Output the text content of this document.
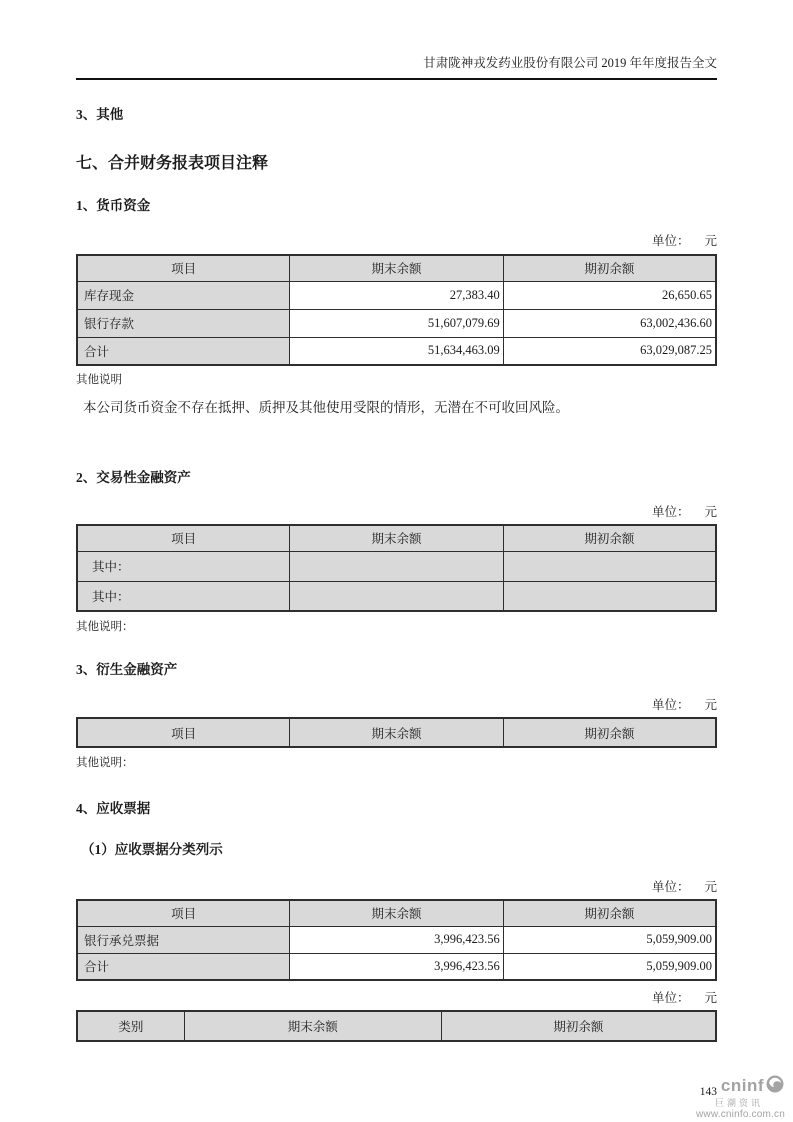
甘肃陇神戎发药业股份有限公司 2019 年年度报告全文
3、其他
七、合并财务报表项目注释
1、货币资金
单位： 元
项目	期末余额	期初余额
库存现金	27,383.40	26,650.65
银行存款	51,607,079.69	63,002,436.60
合计	51,634,463.09	63,029,087.25
其他说明
本公司货币资金不存在抵押、质押及其他使用受限的情形，无潜在不可收回风险。
2、交易性金融资产
单位： 元
项目	期末余额	期初余额
其中：		
其中：		
其他说明：
3、衍生金融资产
单位： 元
项目	期末余额	期初余额
其他说明：
4、应收票据
（1）应收票据分类列示
单位： 元
项目	期末余额	期初余额
银行承兑票据	3,996,423.56	5,059,909.00
合计	3,996,423.56	5,059,909.00
单位： 元
类别	期末余额	期初余额
143 cninf
巨潮资讯
www.cninfo.com.cn
